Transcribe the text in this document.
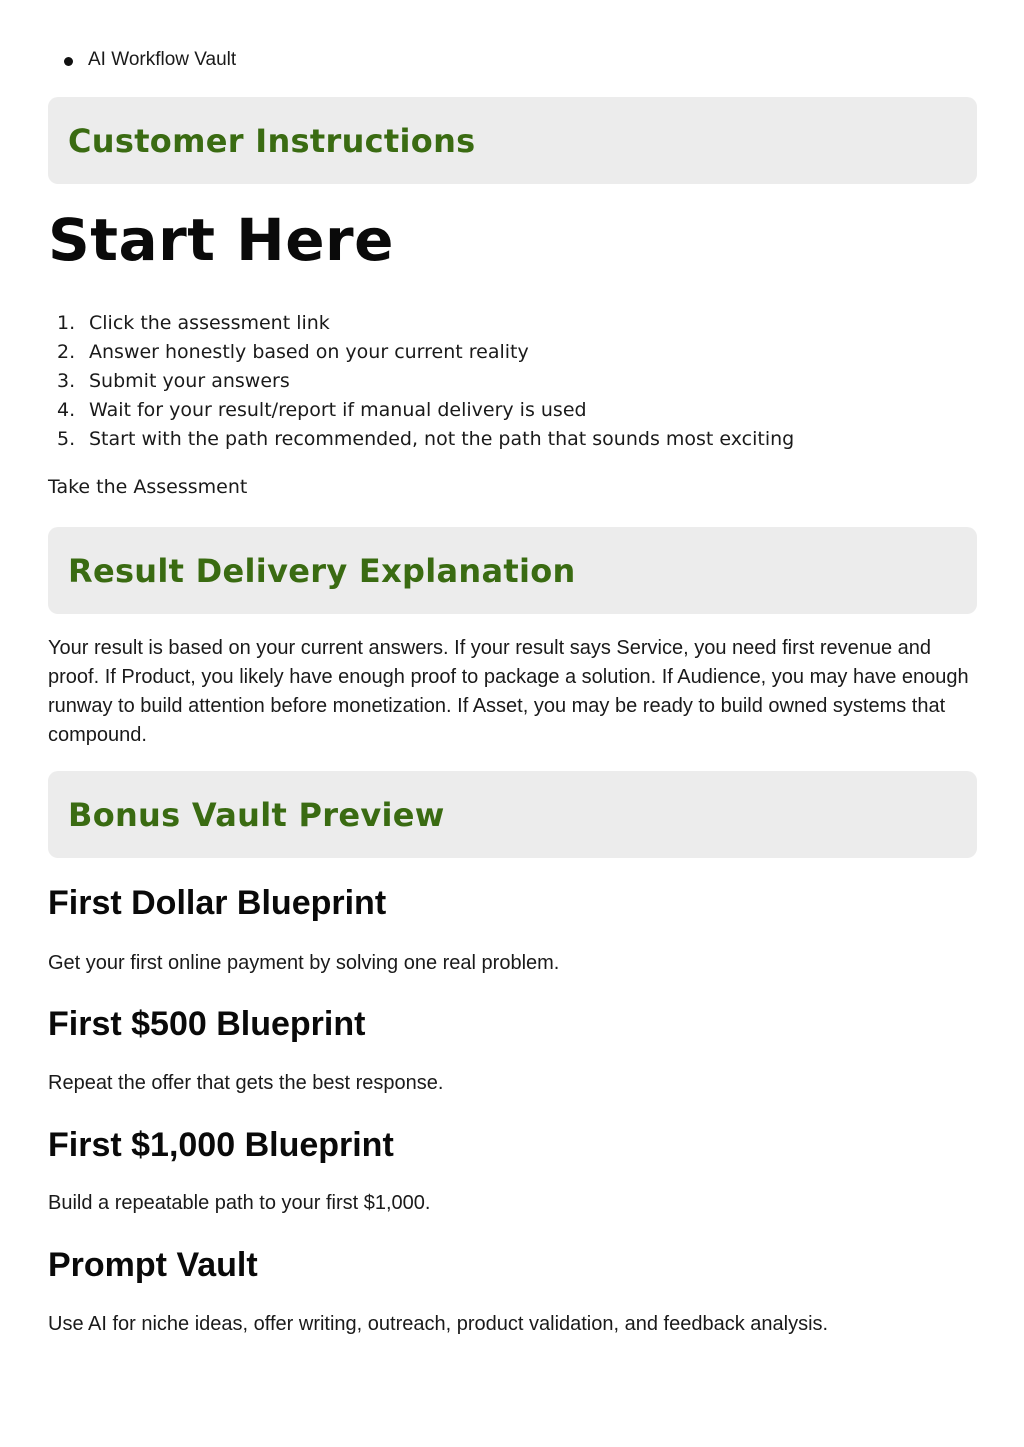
AI Workflow Vault
Customer Instructions
Start Here
1. Click the assessment link
2. Answer honestly based on your current reality
3. Submit your answers
4. Wait for your result/report if manual delivery is used
5. Start with the path recommended, not the path that sounds most exciting
Take the Assessment
Result Delivery Explanation

Your result is based on your current answers. If your result says Service, you need first revenue and proof. If Product, you likely have enough proof to package a solution. If Audience, you may have enough runway to build attention before monetization. If Asset, you may be ready to build owned systems that compound.

Bonus Vault Preview
First Dollar Blueprint

Get your first online payment by solving one real problem.

First $500 Blueprint

Repeat the offer that gets the best response.

First $1,000 Blueprint

Build a repeatable path to your first $1,000.

Prompt Vault

Use AI for niche ideas, offer writing, outreach, product validation, and feedback analysis.
